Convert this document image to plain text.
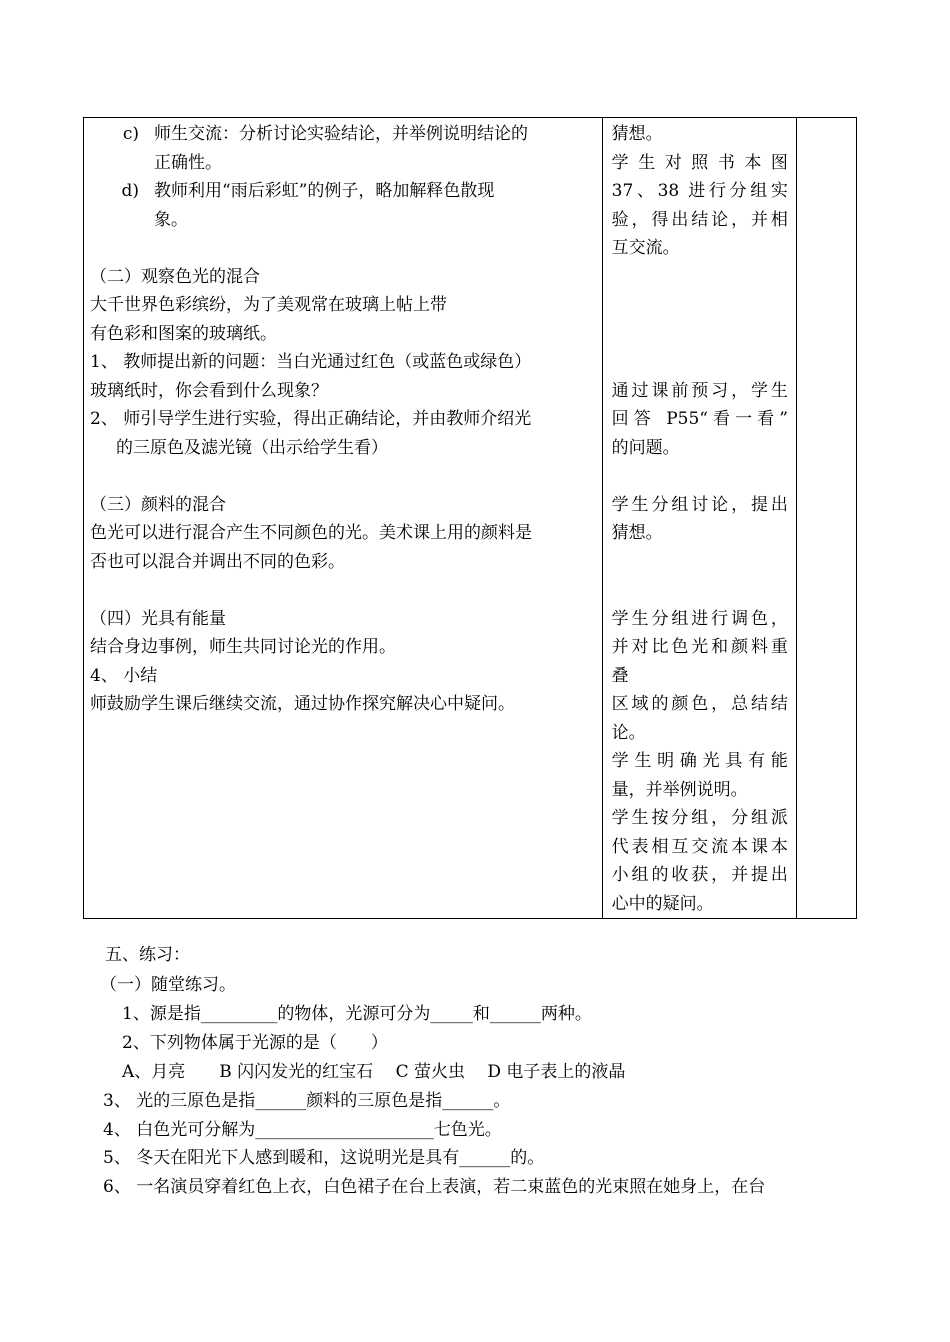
c) 师生交流：分析讨论实验结论，并举例说明结论的
正确性。
d) 教师利用“雨后彩虹”的例子，略加解释色散现
象。
（二）观察色光的混合
大千世界色彩缤纷，为了美观常在玻璃上帖上带
有色彩和图案的玻璃纸。
1、 教师提出新的问题：当白光通过红色（或蓝色或绿色）
玻璃纸时，你会看到什么现象？
2、 师引导学生进行实验，得出正确结论，并由教师介绍光
的三原色及滤光镜（出示给学生看）
（三）颜料的混合
色光可以进行混合产生不同颜色的光。美术课上用的颜料是
否也可以混合并调出不同的色彩。
（四）光具有能量
结合身边事例，师生共同讨论光的作用。
4、 小结
师鼓励学生课后继续交流，通过协作探究解决心中疑问。

猜想。
学 生 对 照 书 本 图
37、38 进行分组实
验，得出结论，并相
互交流。
通过课前预习，学生
回答 P55“看一看”
的问题。
学生分组讨论，提出
猜想。
学生分组进行调色，
并对比色光和颜料重
叠
区域的颜色，总结结
论。
学 生 明 确 光 具 有 能
量，并举例说明。
学生按分组，分组派
代表相互交流本课本
小组的收获，并提出
心中的疑问。

五、练习：
（一）随堂练习。
1、源是指_________的物体，光源可分为_____和______两种。
2、下列物体属于光源的是（　　）
A、月亮　　B 闪闪发光的红宝石　 C 萤火虫　 D 电子表上的液晶
3、 光的三原色是指______颜料的三原色是指______。
4、 白色光可分解为_____________________七色光。
5、 冬天在阳光下人感到暖和，这说明光是具有______的。
6、 一名演员穿着红色上衣，白色裙子在台上表演，若二束蓝色的光束照在她身上，在台
